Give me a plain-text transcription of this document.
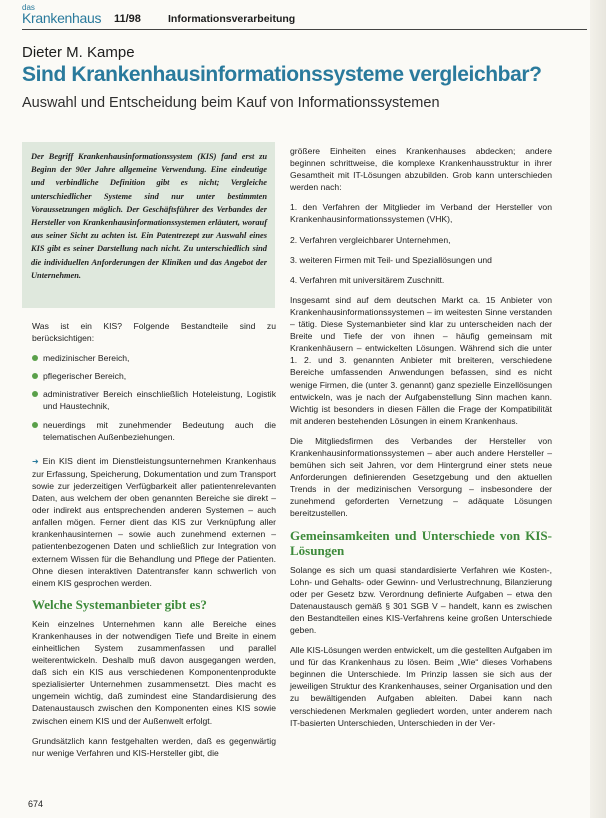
das
Krankenhaus 11/98	Informationsverarbeitung
Dieter M. Kampe
Sind Krankenhausinformationssysteme vergleichbar?
Auswahl und Entscheidung beim Kauf von Informationssystemen
Der Begriff Krankenhausinformationssystem (KIS) fand erst zu Beginn der 90er Jahre allgemeine Verwendung. Eine eindeutige und verbindliche Definition gibt es nicht; Vergleiche unterschiedlicher Systeme sind nur unter bestimmten Voraussetzungen möglich. Der Geschäftsführer des Verbandes der Hersteller von Krankenhausinformationssystemen erläutert, worauf aus seiner Sicht zu achten ist. Ein Patentrezept zur Auswahl eines KIS gibt es seiner Darstellung nach nicht. Zu unterschiedlich sind die individuellen Anforderungen der Kliniken und das Angebot der Unternehmen.

Was ist ein KIS? Folgende Bestandteile sind zu berücksichtigen:

medizinischer Bereich,
pflegerischer Bereich,
administrativer Bereich einschließlich Hoteleistung, Logistik und Haustechnik,
neuerdings mit zunehmender Bedeutung auch die telematischen Außenbeziehungen.

➜ Ein KIS dient im Dienstleistungsunternehmen Krankenhaus zur Erfassung, Speicherung, Dokumentation und zum Transport sowie zur jederzeitigen Verfügbarkeit aller patientenrelevanten Daten, aus welchem der oben genannten Bereiche sie direkt – oder indirekt aus entsprechenden anderen Systemen – auch anfallen mögen. Ferner dient das KIS zur Verknüpfung aller krankenhausinternen – sowie auch zunehmend externen – patientenbezogenen Daten und schließlich zur Integration von externem Wissen für die Behandlung und Pflege der Patienten. Ohne diesen interaktiven Datentransfer kann schwerlich von einem KIS gesprochen werden.

Welche Systemanbieter gibt es?

Kein einzelnes Unternehmen kann alle Bereiche eines Krankenhauses in der notwendigen Tiefe und Breite in einem einheitlichen System zusammenfassen und parallel weiterentwickeln. Deshalb muß davon ausgegangen werden, daß sich ein KIS aus verschiedenen Komponentenprodukte spezialisierter Unternehmen zusammensetzt. Dies macht es ungemein wichtig, daß zumindest eine Standardisierung des Datenaustausch zwischen den Komponenten eines KIS sowie zwischen einem KIS und der Außenwelt erfolgt.

Grundsätzlich kann festgehalten werden, daß es gegenwärtig nur wenige Verfahren und KIS-Hersteller gibt, die

größere Einheiten eines Krankenhauses abdecken; andere beginnen schrittweise, die komplexe Krankenhausstruktur in ihrer Gesamtheit mit IT-Lösungen abzubilden. Grob kann unterschieden werden nach:

1. den Verfahren der Mitglieder im Verband der Hersteller von Krankenhausinformationssystemen (VHK),

2. Verfahren vergleichbarer Unternehmen,

3. weiteren Firmen mit Teil- und Speziallösungen und

4. Verfahren mit universitärem Zuschnitt.

Insgesamt sind auf dem deutschen Markt ca. 15 Anbieter von Krankenhausinformationssystemen – im weitesten Sinne verstanden – tätig. Diese Systemanbieter sind klar zu unterscheiden nach der Breite und Tiefe der von ihnen – häufig gemeinsam mit Krankenhäusern – entwickelten Lösungen. Während sich die unter 1. 2. und 3. genannten Anbieter mit breiteren, verschiedene Bereiche umfassenden Anwendungen befassen, sind es nicht wenige Firmen, die (unter 3. genannt) ganz spezielle Einzellösungen entwickeln, was je nach der Aufgabenstellung Sinn machen kann. Wichtig ist besonders in diesen Fällen die Frage der Kompatibilität mit anderen bestehenden Lösungen in einem Krankenhaus.

Die Mitgliedsfirmen des Verbandes der Hersteller von Krankenhausinformationssystemen – aber auch andere Hersteller – bemühen sich seit Jahren, vor dem Hintergrund einer stets neue Anforderungen definierenden Gesetzgebung und den aktuellen Trends in der medizinischen Versorgung – insbesondere der zunehmend geforderten Vernetzung – adäquate Lösungen bereitzustellen.

Gemeinsamkeiten und Unterschiede von KIS-Lösungen

Solange es sich um quasi standardisierte Verfahren wie Kosten-, Lohn- und Gehalts- oder Gewinn- und Verlustrechnung, Bilanzierung oder per Gesetz bzw. Verordnung definierte Aufgaben – etwa den Datenaustausch gemäß § 301 SGB V – handelt, kann es zwischen den Bestandteilen eines KIS-Verfahrens keine großen Unterschiede geben.

Alle KIS-Lösungen werden entwickelt, um die gestellten Aufgaben im und für das Krankenhaus zu lösen. Beim „Wie“ dieses Vorhabens beginnen die Unterschiede. Im Prinzip lassen sie sich aus der jeweiligen Struktur des Krankenhauses, seiner Organisation und den zu bewältigenden Aufgaben ableiten. Dabei kann nach verschiedenen Merkmalen gegliedert worden, unter anderem nach IT-basierten Unterschieden, Unterschieden in der Ver-

674
